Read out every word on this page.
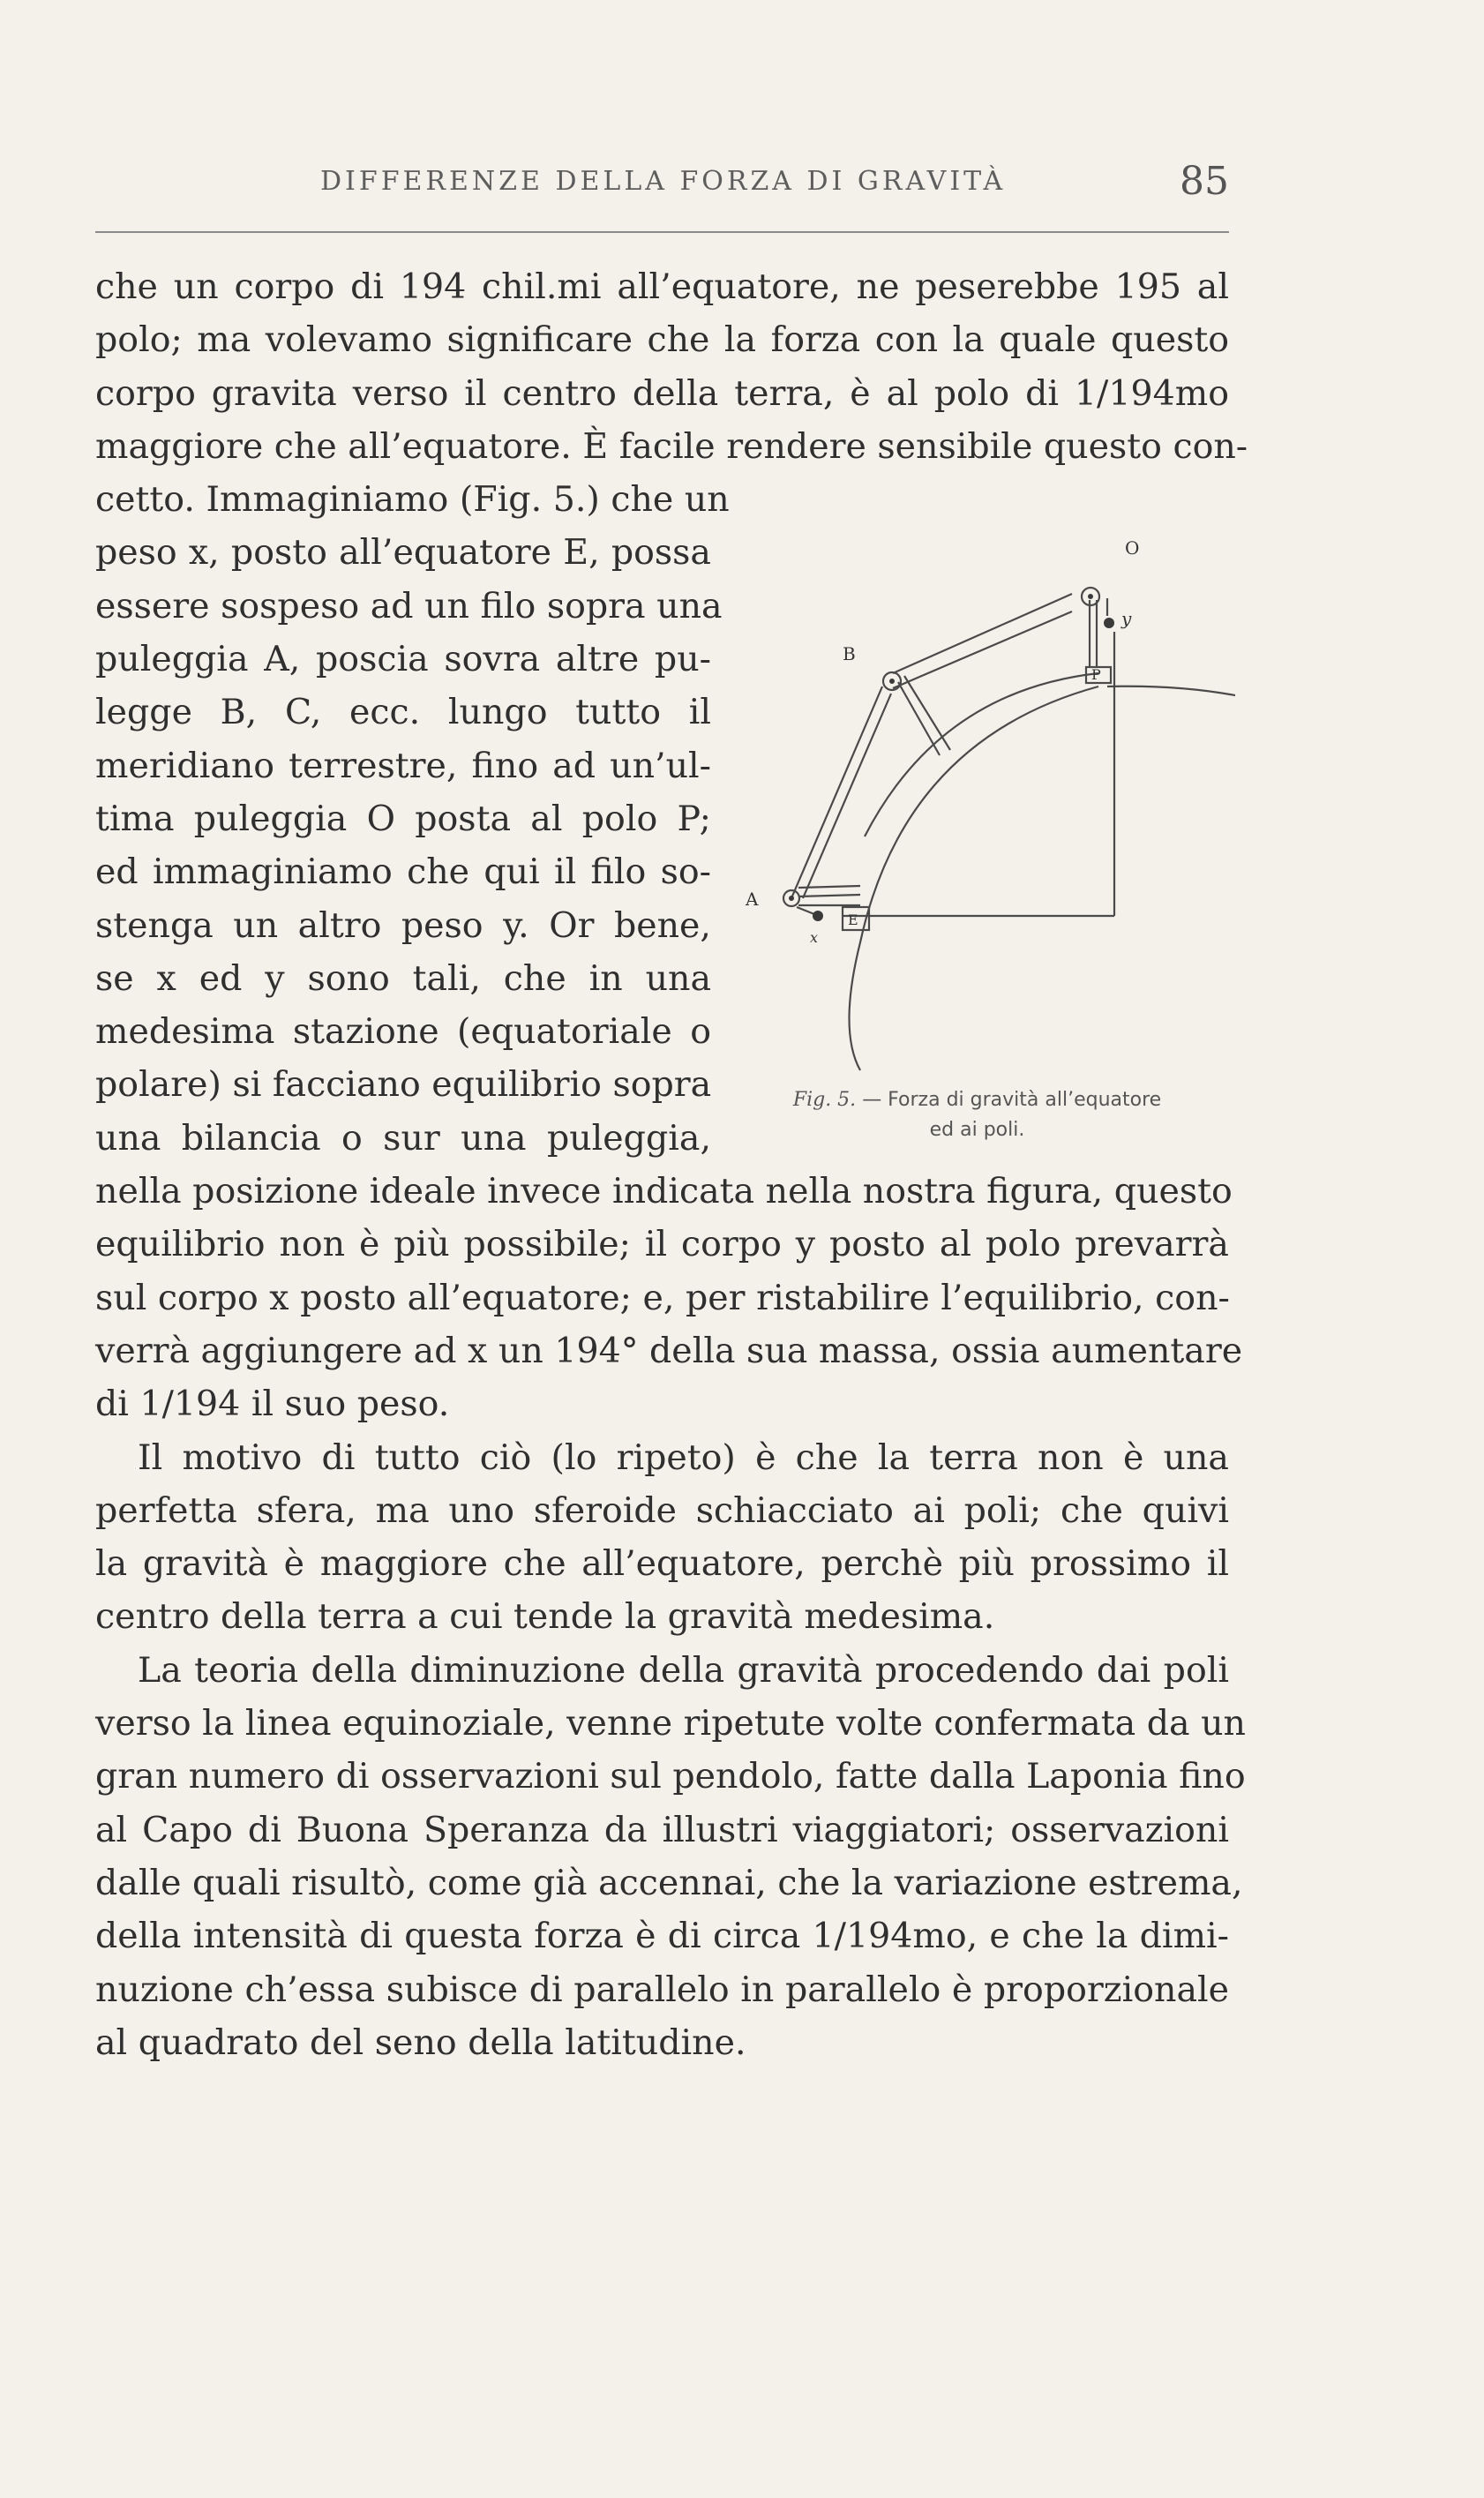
DIFFERENZE DELLA FORZA DI GRAVITÀ	85
che un corpo di 194 chil.mi all’equatore, ne peserebbe 195 al
polo; ma volevamo significare che la forza con la quale questo
corpo gravita verso il centro della terra, è al polo di 1/194mo
maggiore che all’equatore. È facile rendere sensibile questo con-
cetto. Immaginiamo (Fig. 5.) che un
peso x, posto all’equatore E, possa
essere sospeso ad un filo sopra una
puleggia A, poscia sovra altre pu-
legge B, C, ecc. lungo tutto il
meridiano terrestre, fino ad un’ul-
tima puleggia O posta al polo P;
ed immaginiamo che qui il filo so-
stenga un altro peso y. Or bene,
se x ed y sono tali, che in una
medesima stazione (equatoriale o
polare) si facciano equilibrio sopra
una bilancia o sur una puleggia,
nella posizione ideale invece indicata nella nostra figura, questo
equilibrio non è più possibile; il corpo y posto al polo prevarrà
sul corpo x posto all’equatore; e, per ristabilire l’equilibrio, con-
verrà aggiungere ad x un 194° della sua massa, ossia aumentare
di 1/194 il suo peso.
Il motivo di tutto ciò (lo ripeto) è che la terra non è una
perfetta sfera, ma uno sferoide schiacciato ai poli; che quivi
la gravità è maggiore che all’equatore, perchè più prossimo il
centro della terra a cui tende la gravità medesima.
La teoria della diminuzione della gravità procedendo dai poli
verso la linea equinoziale, venne ripetute volte confermata da un
gran numero di osservazioni sul pendolo, fatte dalla Laponia fino
al Capo di Buona Speranza da illustri viaggiatori; osservazioni
dalle quali risultò, come già accennai, che la variazione estrema,
della intensità di questa forza è di circa 1/194mo, e che la dimi-
nuzione ch’essa subisce di parallelo in parallelo è proporzionale
al quadrato del seno della latitudine.
O
y
B
P
A
x
E
Fig. 5. — Forza di gravità all’equatore
ed ai poli.
